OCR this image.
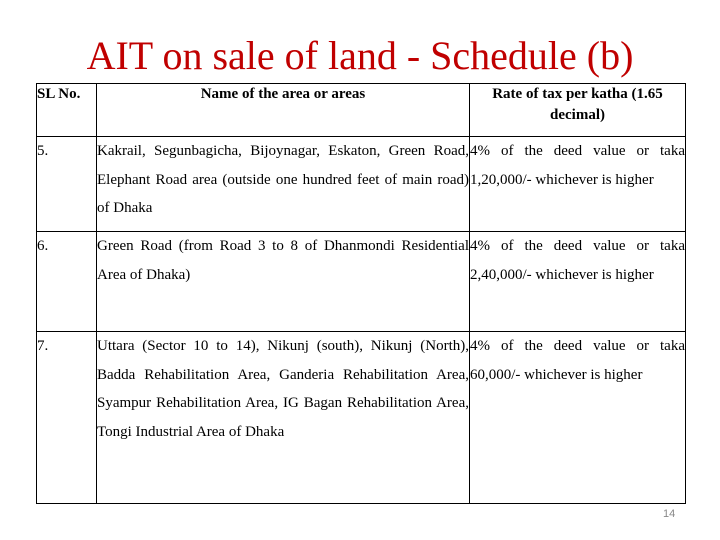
AIT on sale of land - Schedule (b)
SL No.	Name of the area or areas	Rate of tax per katha (1.65 decimal)
5.	Kakrail, Segunbagicha, Bijoynagar, Eskaton, Green Road, Elephant Road area (outside one hundred feet of main road) of Dhaka	4% of the deed value or taka 1,20,000/- whichever is higher
6.	Green Road (from Road 3 to 8 of Dhanmondi Residential Area of Dhaka)	4% of the deed value or taka 2,40,000/- whichever is higher
7.	Uttara (Sector 10 to 14), Nikunj (south), Nikunj (North), Badda Rehabilitation Area, Ganderia Rehabilitation Area, Syampur Rehabilitation Area, IG Bagan Rehabilitation Area, Tongi Industrial Area of Dhaka	4% of the deed value or taka 60,000/- whichever is higher
14
